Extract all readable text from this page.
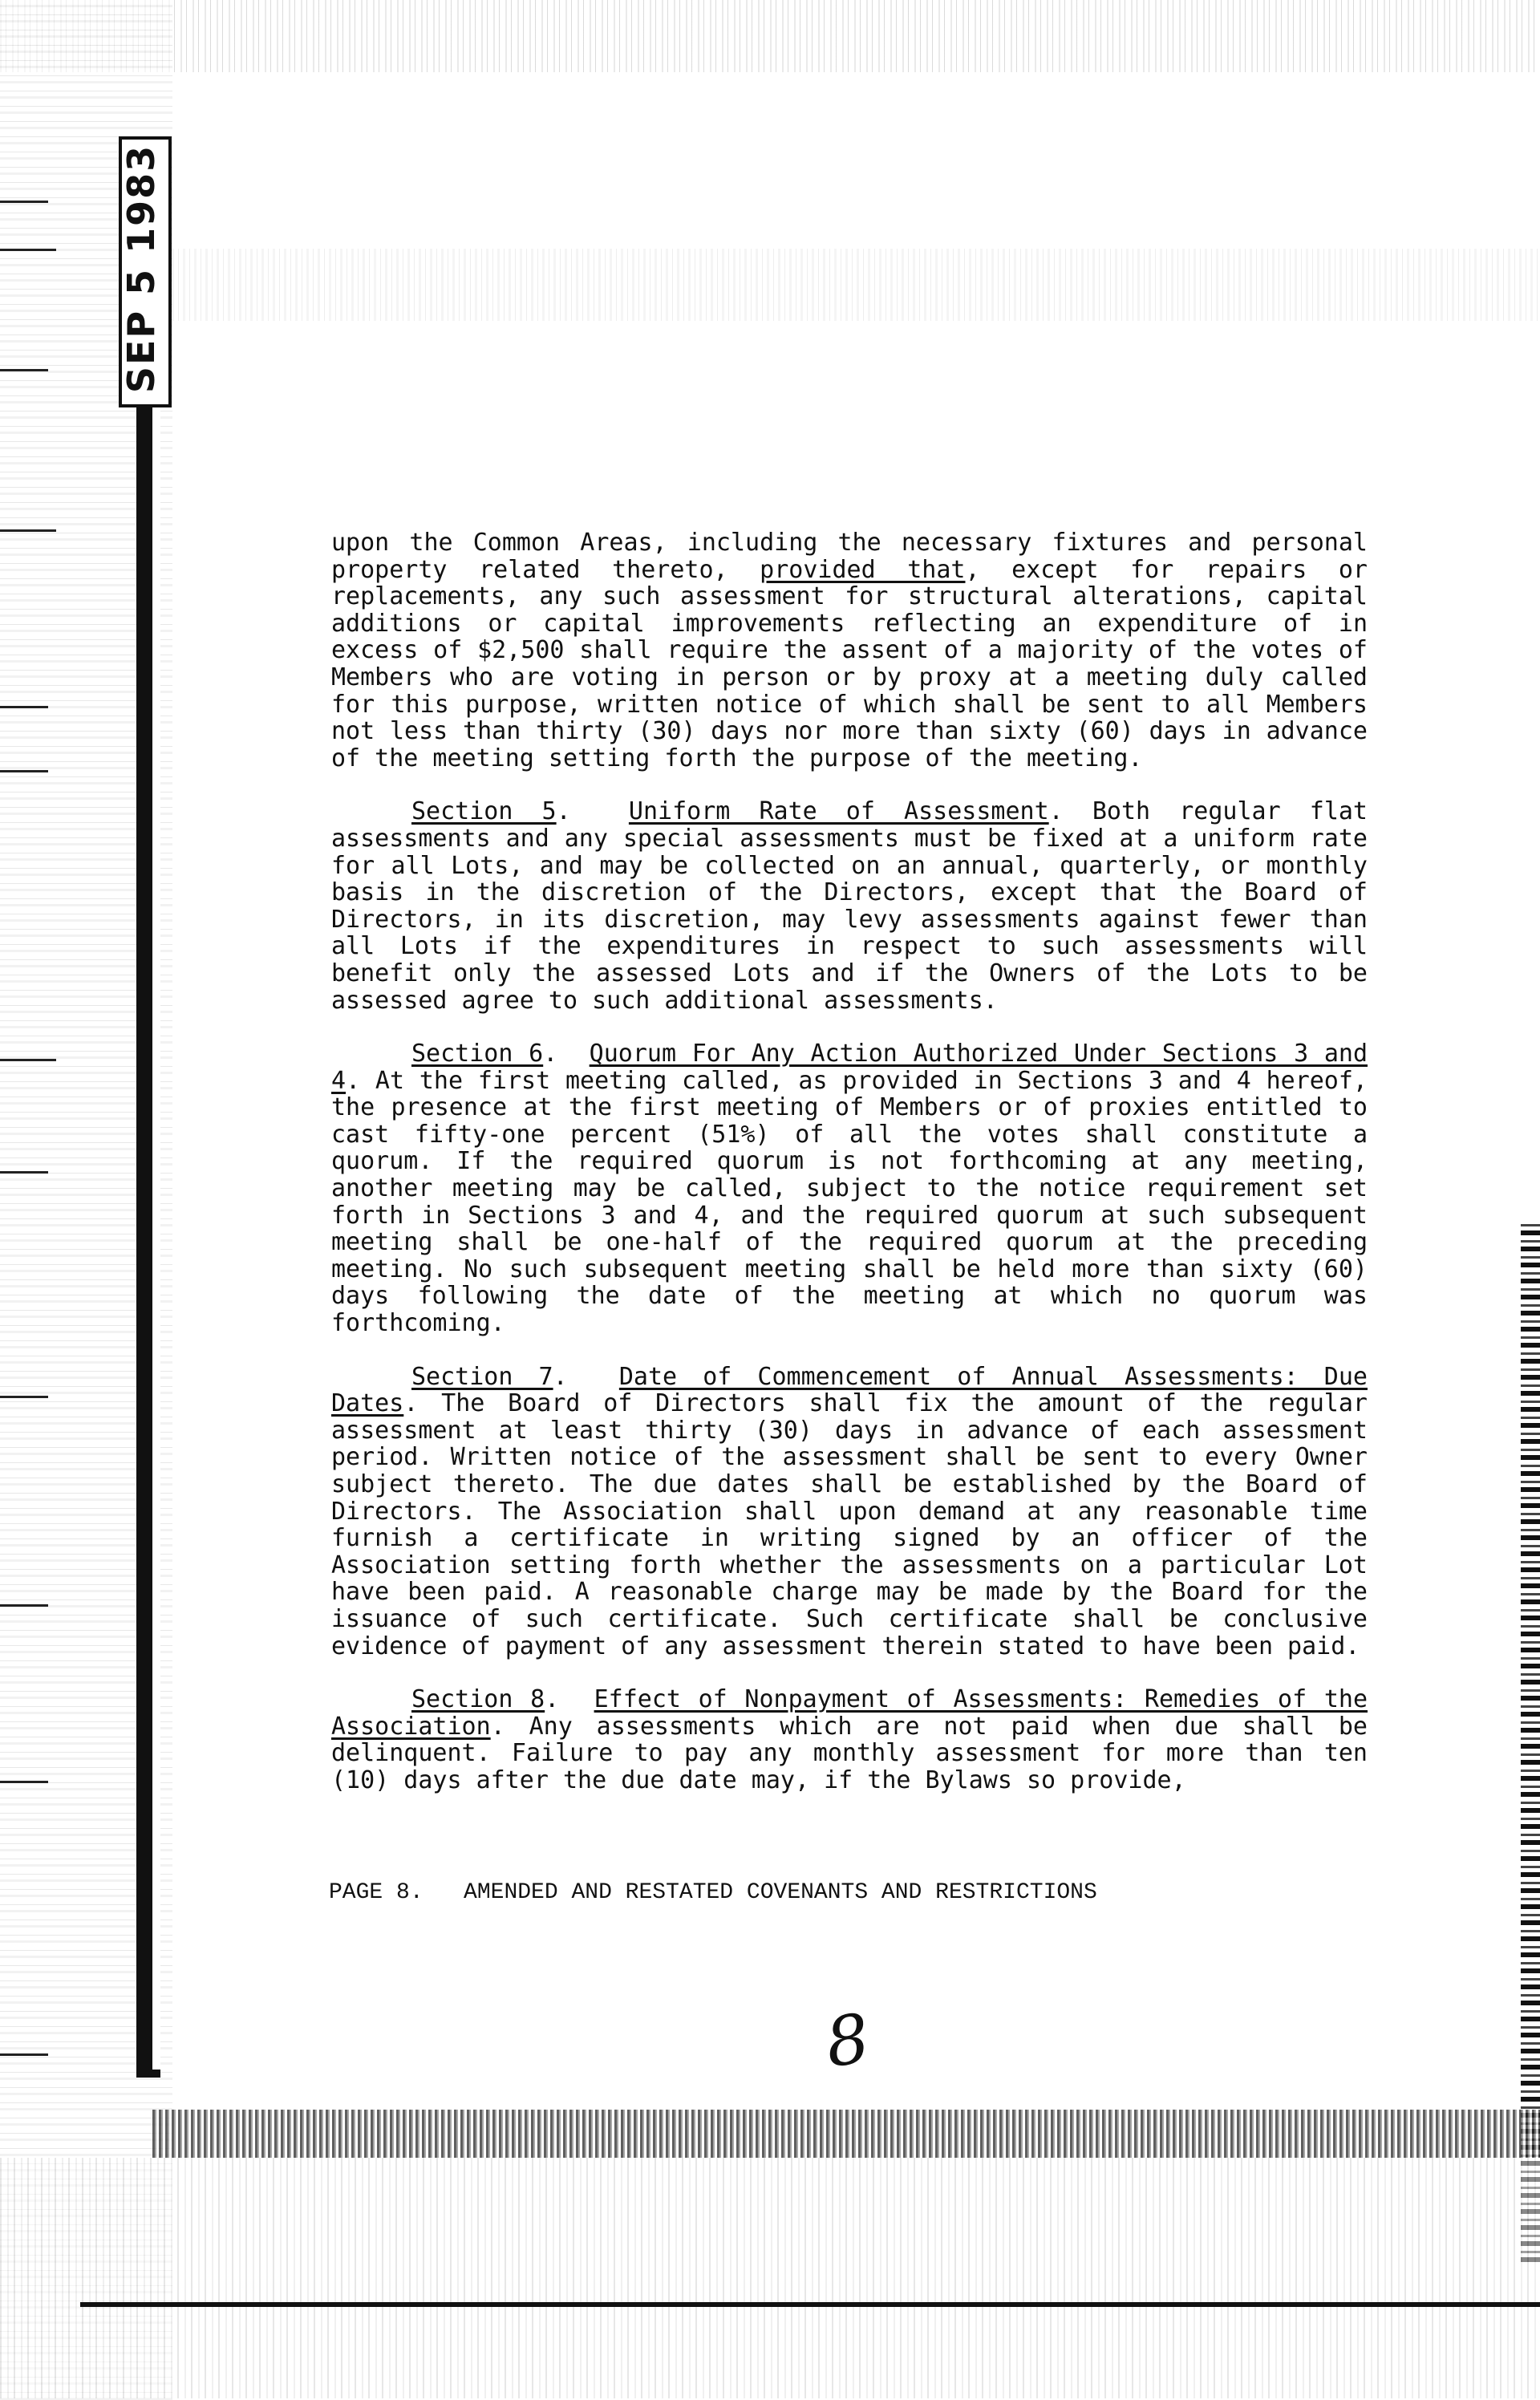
SEP 5 1983

upon the Common Areas, including the necessary fixtures and personal property related thereto, provided that, except for repairs or replacements, any such assessment for structural alterations, capital additions or capital improvements reflecting an expenditure of in excess of $2,500 shall require the assent of a majority of the votes of Members who are voting in person or by proxy at a meeting duly called for this purpose, written notice of which shall be sent to all Members not less than thirty (30) days nor more than sixty (60) days in advance of the meeting setting forth the purpose of the meeting.

Section 5.  Uniform Rate of Assessment. Both regular flat assessments and any special assessments must be fixed at a uniform rate for all Lots, and may be collected on an annual, quarterly, or monthly basis in the discretion of the Directors, except that the Board of Directors, in its discretion, may levy assessments against fewer than all Lots if the expenditures in respect to such assessments will benefit only the assessed Lots and if the Owners of the Lots to be assessed agree to such additional assessments.

Section 6.  Quorum For Any Action Authorized Under Sections 3 and 4. At the first meeting called, as provided in Sections 3 and 4 hereof, the presence at the first meeting of Members or of proxies entitled to cast fifty-one percent (51%) of all the votes shall constitute a quorum. If the required quorum is not forthcoming at any meeting, another meeting may be called, subject to the notice requirement set forth in Sections 3 and 4, and the required quorum at such subsequent meeting shall be one-half of the required quorum at the preceding meeting. No such subsequent meeting shall be held more than sixty (60) days following the date of the meeting at which no quorum was forthcoming.

Section 7.  Date of Commencement of Annual Assessments: Due Dates. The Board of Directors shall fix the amount of the regular assessment at least thirty (30) days in advance of each assessment period. Written notice of the assessment shall be sent to every Owner subject thereto. The due dates shall be established by the Board of Directors. The Association shall upon demand at any reasonable time furnish a certificate in writing signed by an officer of the Association setting forth whether the assessments on a particular Lot have been paid. A reasonable charge may be made by the Board for the issuance of such certificate. Such certificate shall be conclusive evidence of payment of any assessment therein stated to have been paid.

Section 8.  Effect of Nonpayment of Assessments: Remedies of the Association. Any assessments which are not paid when due shall be delinquent. Failure to pay any monthly assessment for more than ten (10) days after the due date may, if the Bylaws so provide,

PAGE 8. AMENDED AND RESTATED COVENANTS AND RESTRICTIONS
8
